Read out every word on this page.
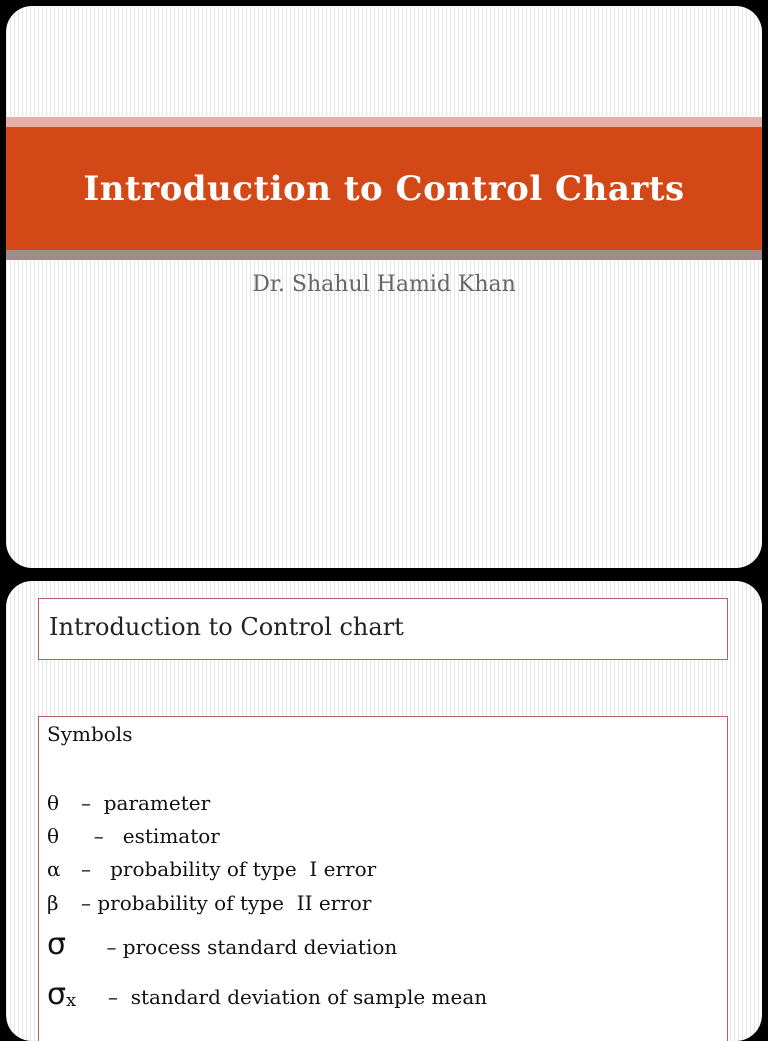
Introduction to Control Charts

Dr. Shahul Hamid Khan

Introduction to Control chart

Symbols
θ – parameter
θ – estimator
α – probability of type  I error
β – probability of type  II error
σ – process standard deviation
σx – standard deviation of sample mean
